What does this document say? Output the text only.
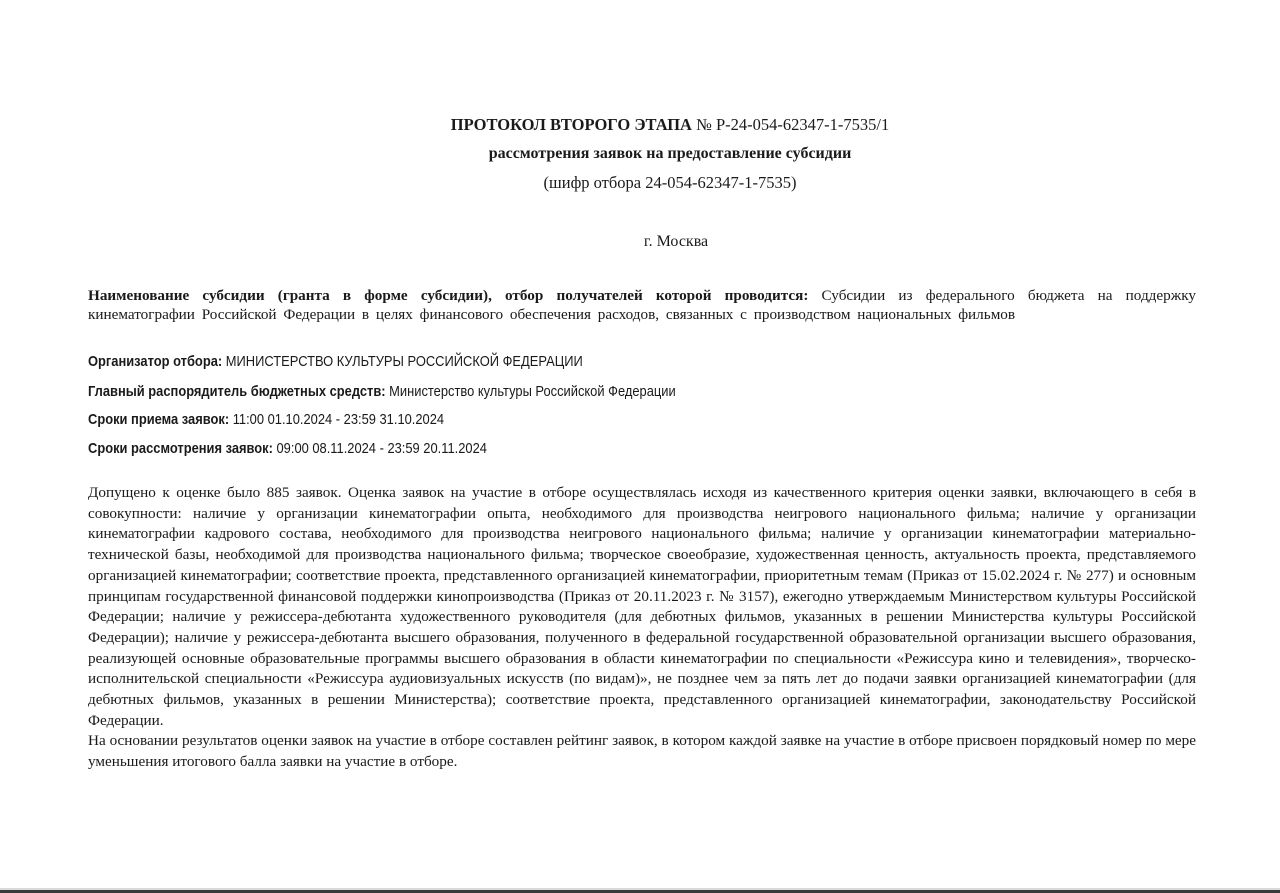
ПРОТОКОЛ ВТОРОГО ЭТАПА № Р-24-054-62347-1-7535/1
рассмотрения заявок на предоставление субсидии
(шифр отбора 24-054-62347-1-7535)
г. Москва
Наименование субсидии (гранта в форме субсидии), отбор получателей которой проводится: Субсидии из федерального бюджета на поддержку кинематографии Российской Федерации в целях финансового обеспечения расходов, связанных с производством национальных фильмов
Организатор отбора: МИНИСТЕРСТВО КУЛЬТУРЫ РОССИЙСКОЙ ФЕДЕРАЦИИ
Главный распорядитель бюджетных средств: Министерство культуры Российской Федерации
Сроки приема заявок: 11:00 01.10.2024 - 23:59 31.10.2024
Сроки рассмотрения заявок: 09:00 08.11.2024 - 23:59 20.11.2024

Допущено к оценке было 885 заявок. Оценка заявок на участие в отборе осуществлялась исходя из качественного критерия оценки заявки, включающего в себя в совокупности: наличие у организации кинематографии опыта, необходимого для производства неигрового национального фильма; наличие у организации кинематографии кадрового состава, необходимого для производства неигрового национального фильма; наличие у организации кинематографии материально-технической базы, необходимой для производства национального фильма; творческое своеобразие, художественная ценность, актуальность проекта, представляемого организацией кинематографии; соответствие проекта, представленного организацией кинематографии, приоритетным темам (Приказ от 15.02.2024 г. № 277) и основным принципам государственной финансовой поддержки кинопроизводства (Приказ от 20.11.2023 г. № 3157), ежегодно утверждаемым Министерством культуры Российской Федерации; наличие у режиссера-дебютанта художественного руководителя (для дебютных фильмов, указанных в решении Министерства культуры Российской Федерации); наличие у режиссера-дебютанта высшего образования, полученного в федеральной государственной образовательной организации высшего образования, реализующей основные образовательные программы высшего образования в области кинематографии по специальности «Режиссура кино и телевидения», творческо-исполнительской специальности «Режиссура аудиовизуальных искусств (по видам)», не позднее чем за пять лет до подачи заявки организацией кинематографии (для дебютных фильмов, указанных в решении Министерства); соответствие проекта, представленного организацией кинематографии, законодательству Российской Федерации.

На основании результатов оценки заявок на участие в отборе составлен рейтинг заявок, в котором каждой заявке на участие в отборе присвоен порядковый номер по мере уменьшения итогового балла заявки на участие в отборе.
